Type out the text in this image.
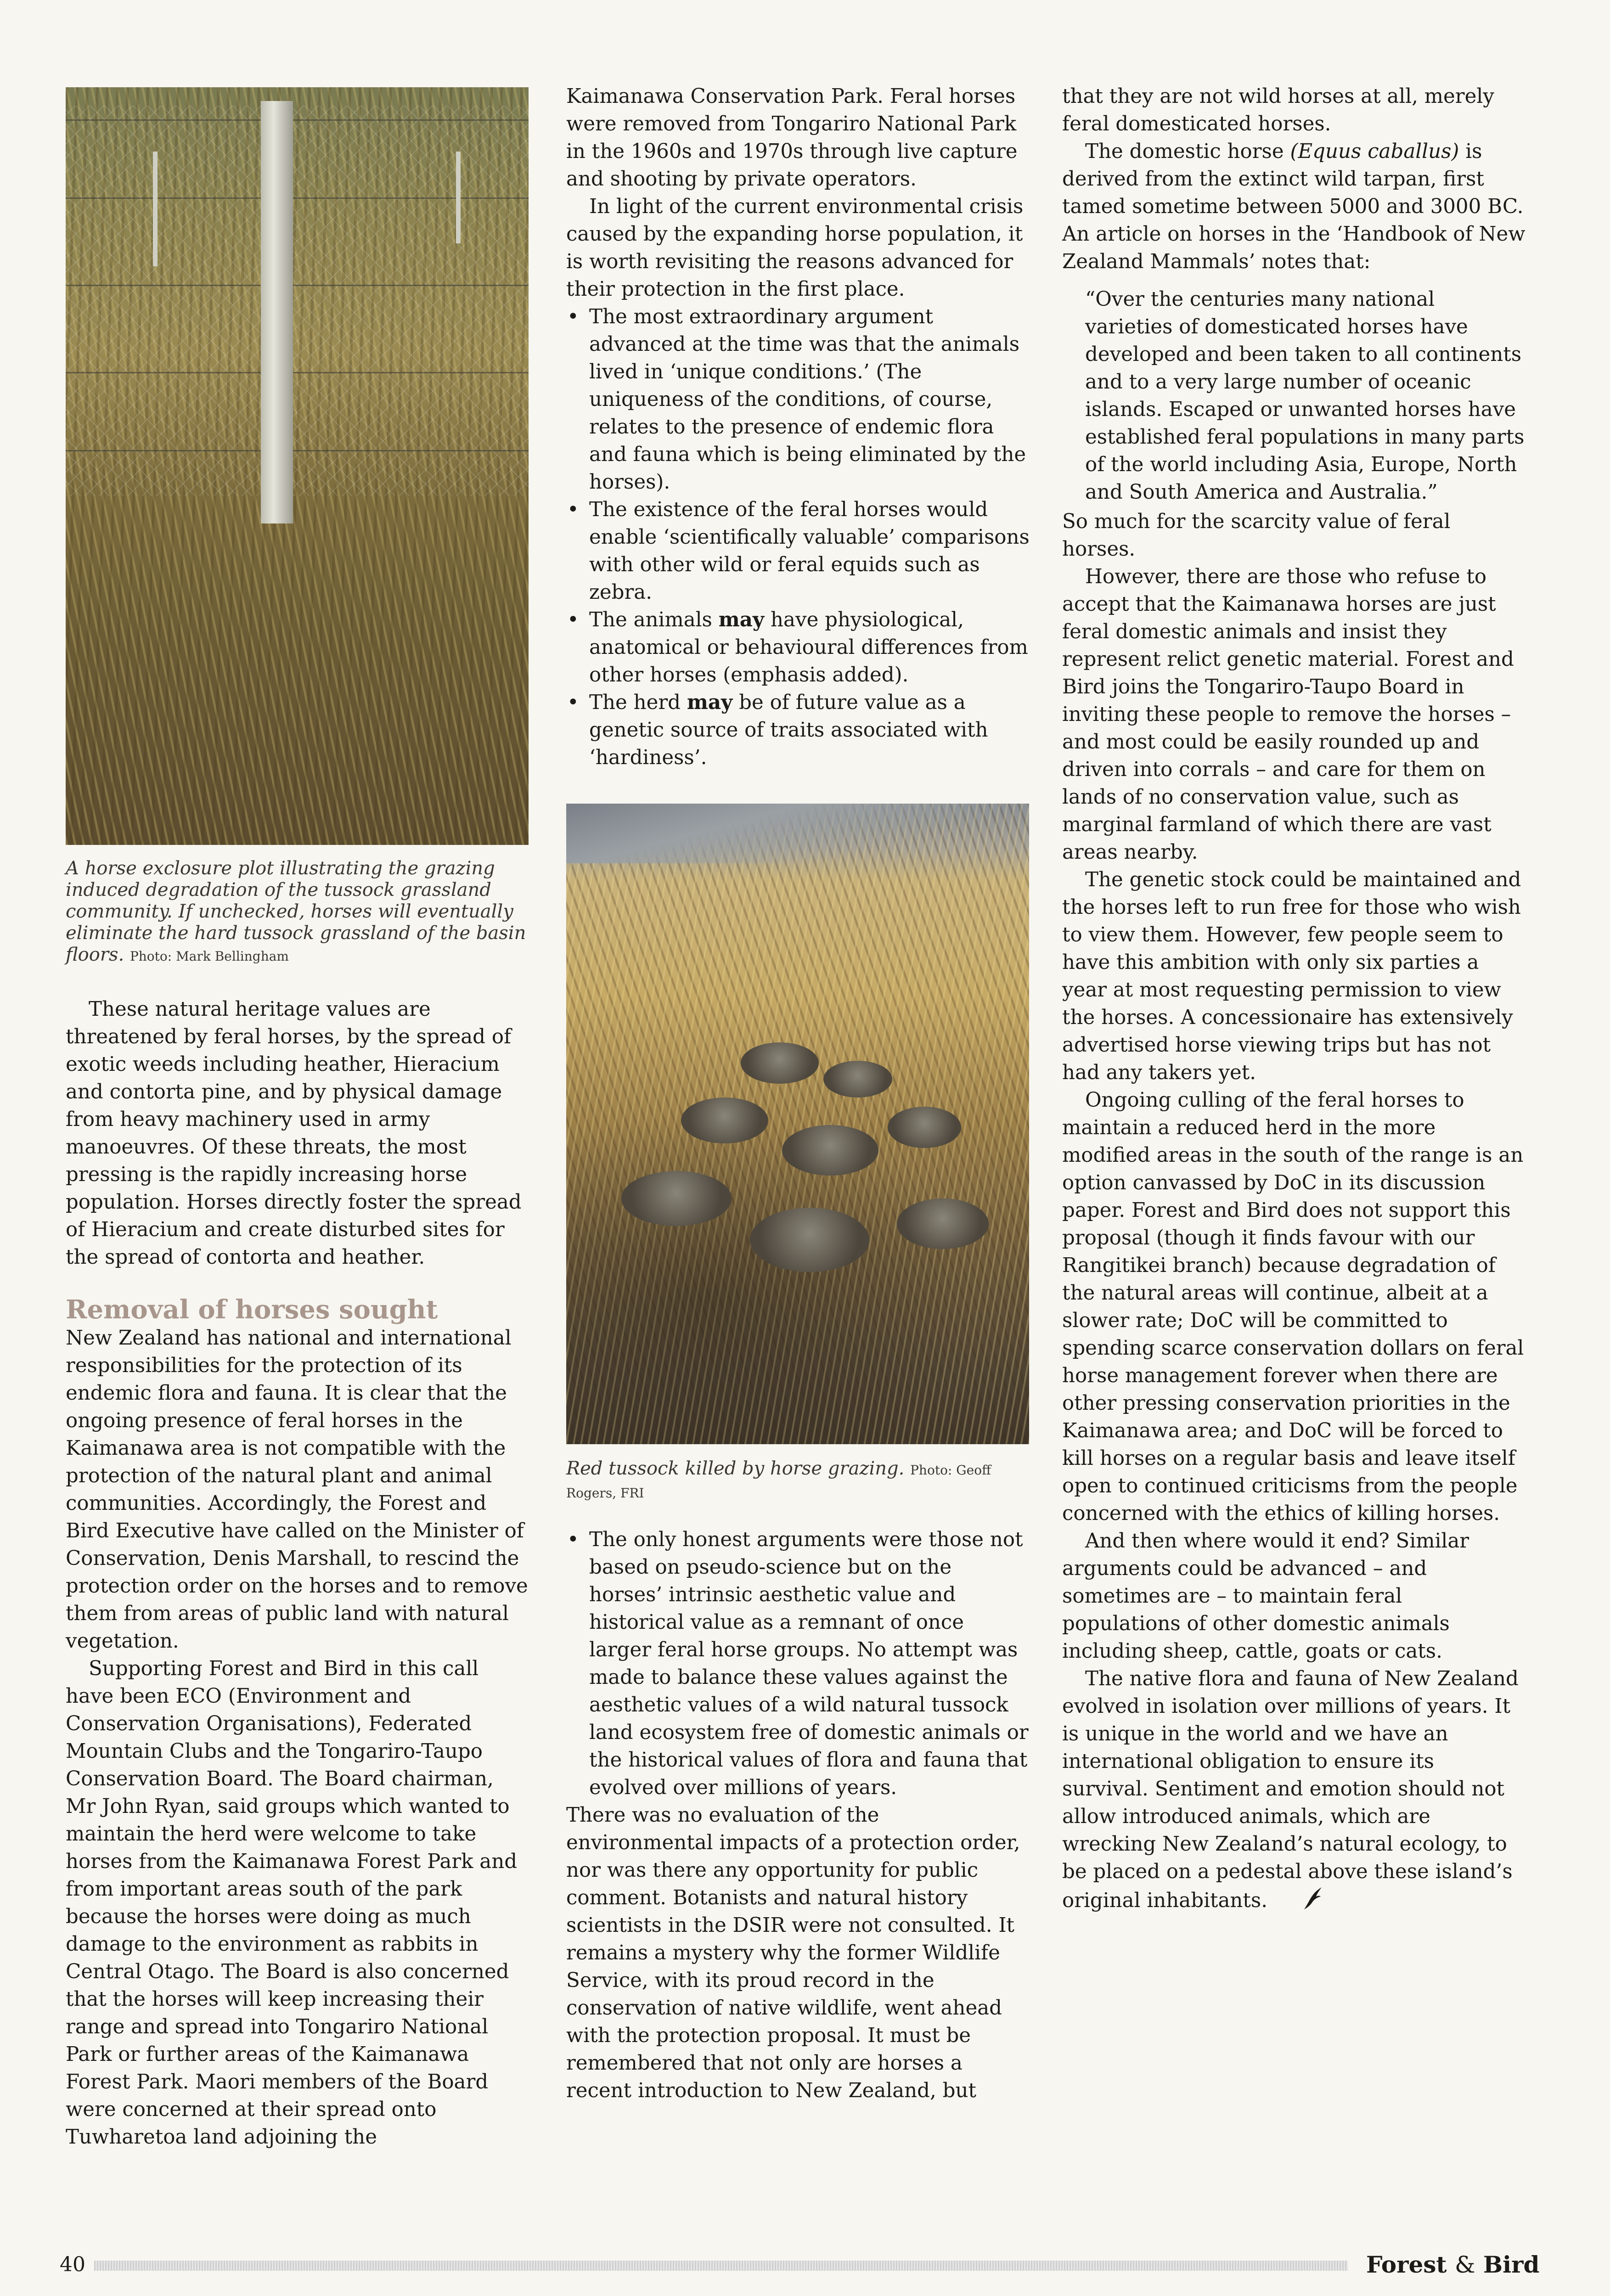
A horse exclosure plot illustrating the grazing induced degradation of the tussock grassland community. If unchecked, horses will eventually eliminate the hard tussock grassland of the basin floors. Photo: Mark Bellingham

These natural heritage values are threatened by feral horses, by the spread of exotic weeds including heather, Hieracium and contorta pine, and by physical damage from heavy machinery used in army manoeuvres. Of these threats, the most pressing is the rapidly increasing horse population. Horses directly foster the spread of Hieracium and create disturbed sites for the spread of contorta and heather.

Removal of horses sought

New Zealand has national and international responsibilities for the protection of its endemic flora and fauna. It is clear that the ongoing presence of feral horses in the Kaimanawa area is not compatible with the protection of the natural plant and animal communities. Accordingly, the Forest and Bird Executive have called on the Minister of Conservation, Denis Marshall, to rescind the protection order on the horses and to remove them from areas of public land with natural vegetation.

Supporting Forest and Bird in this call have been ECO (Environment and Conservation Organisations), Federated Mountain Clubs and the Tongariro-Taupo Conservation Board. The Board chairman, Mr John Ryan, said groups which wanted to maintain the herd were welcome to take horses from the Kaimanawa Forest Park and from important areas south of the park because the horses were doing as much damage to the environment as rabbits in Central Otago. The Board is also concerned that the horses will keep increasing their range and spread into Tongariro National Park or further areas of the Kaimanawa Forest Park. Maori members of the Board were concerned at their spread onto Tuwharetoa land adjoining the

Kaimanawa Conservation Park. Feral horses were removed from Tongariro National Park in the 1960s and 1970s through live capture and shooting by private operators.

In light of the current environmental crisis caused by the expanding horse population, it is worth revisiting the reasons advanced for their protection in the first place.

• The most extraordinary argument advanced at the time was that the animals lived in ‘unique conditions.’ (The uniqueness of the conditions, of course, relates to the presence of endemic flora and fauna which is being eliminated by the horses).
• The existence of the feral horses would enable ‘scientifically valuable’ comparisons with other wild or feral equids such as zebra.
• The animals may have physiological, anatomical or behavioural differences from other horses (emphasis added).
• The herd may be of future value as a genetic source of traits associated with ‘hardiness’.
Red tussock killed by horse grazing. Photo: Geoff Rogers, FRI
• The only honest arguments were those not based on pseudo-science but on the horses’ intrinsic aesthetic value and historical value as a remnant of once larger feral horse groups. No attempt was made to balance these values against the aesthetic values of a wild natural tussock land ecosystem free of domestic animals or the historical values of flora and fauna that evolved over millions of years.

There was no evaluation of the environmental impacts of a protection order, nor was there any opportunity for public comment. Botanists and natural history scientists in the DSIR were not consulted. It remains a mystery why the former Wildlife Service, with its proud record in the conservation of native wildlife, went ahead with the protection proposal. It must be remembered that not only are horses a recent introduction to New Zealand, but

that they are not wild horses at all, merely feral domesticated horses.

The domestic horse (Equus caballus) is derived from the extinct wild tarpan, first tamed sometime between 5000 and 3000 BC. An article on horses in the ‘Handbook of New Zealand Mammals’ notes that:

“Over the centuries many national varieties of domesticated horses have developed and been taken to all continents and to a very large number of oceanic islands. Escaped or unwanted horses have established feral populations in many parts of the world including Asia, Europe, North and South America and Australia.”

So much for the scarcity value of feral horses.

However, there are those who refuse to accept that the Kaimanawa horses are just feral domestic animals and insist they represent relict genetic material. Forest and Bird joins the Tongariro-Taupo Board in inviting these people to remove the horses – and most could be easily rounded up and driven into corrals – and care for them on lands of no conservation value, such as marginal farmland of which there are vast areas nearby.

The genetic stock could be maintained and the horses left to run free for those who wish to view them. However, few people seem to have this ambition with only six parties a year at most requesting permission to view the horses. A concessionaire has extensively advertised horse viewing trips but has not had any takers yet.

Ongoing culling of the feral horses to maintain a reduced herd in the more modified areas in the south of the range is an option canvassed by DoC in its discussion paper. Forest and Bird does not support this proposal (though it finds favour with our Rangitikei branch) because degradation of the natural areas will continue, albeit at a slower rate; DoC will be committed to spending scarce conservation dollars on feral horse management forever when there are other pressing conservation priorities in the Kaimanawa area; and DoC will be forced to kill horses on a regular basis and leave itself open to continued criticisms from the people concerned with the ethics of killing horses.

And then where would it end? Similar arguments could be advanced – and sometimes are – to maintain feral populations of other domestic animals including sheep, cattle, goats or cats.

The native flora and fauna of New Zealand evolved in isolation over millions of years. It is unique in the world and we have an international obligation to ensure its survival. Sentiment and emotion should not allow introduced animals, which are wrecking New Zealand’s natural ecology, to be placed on a pedestal above these island’s original inhabitants.

40	Forest & Bird
